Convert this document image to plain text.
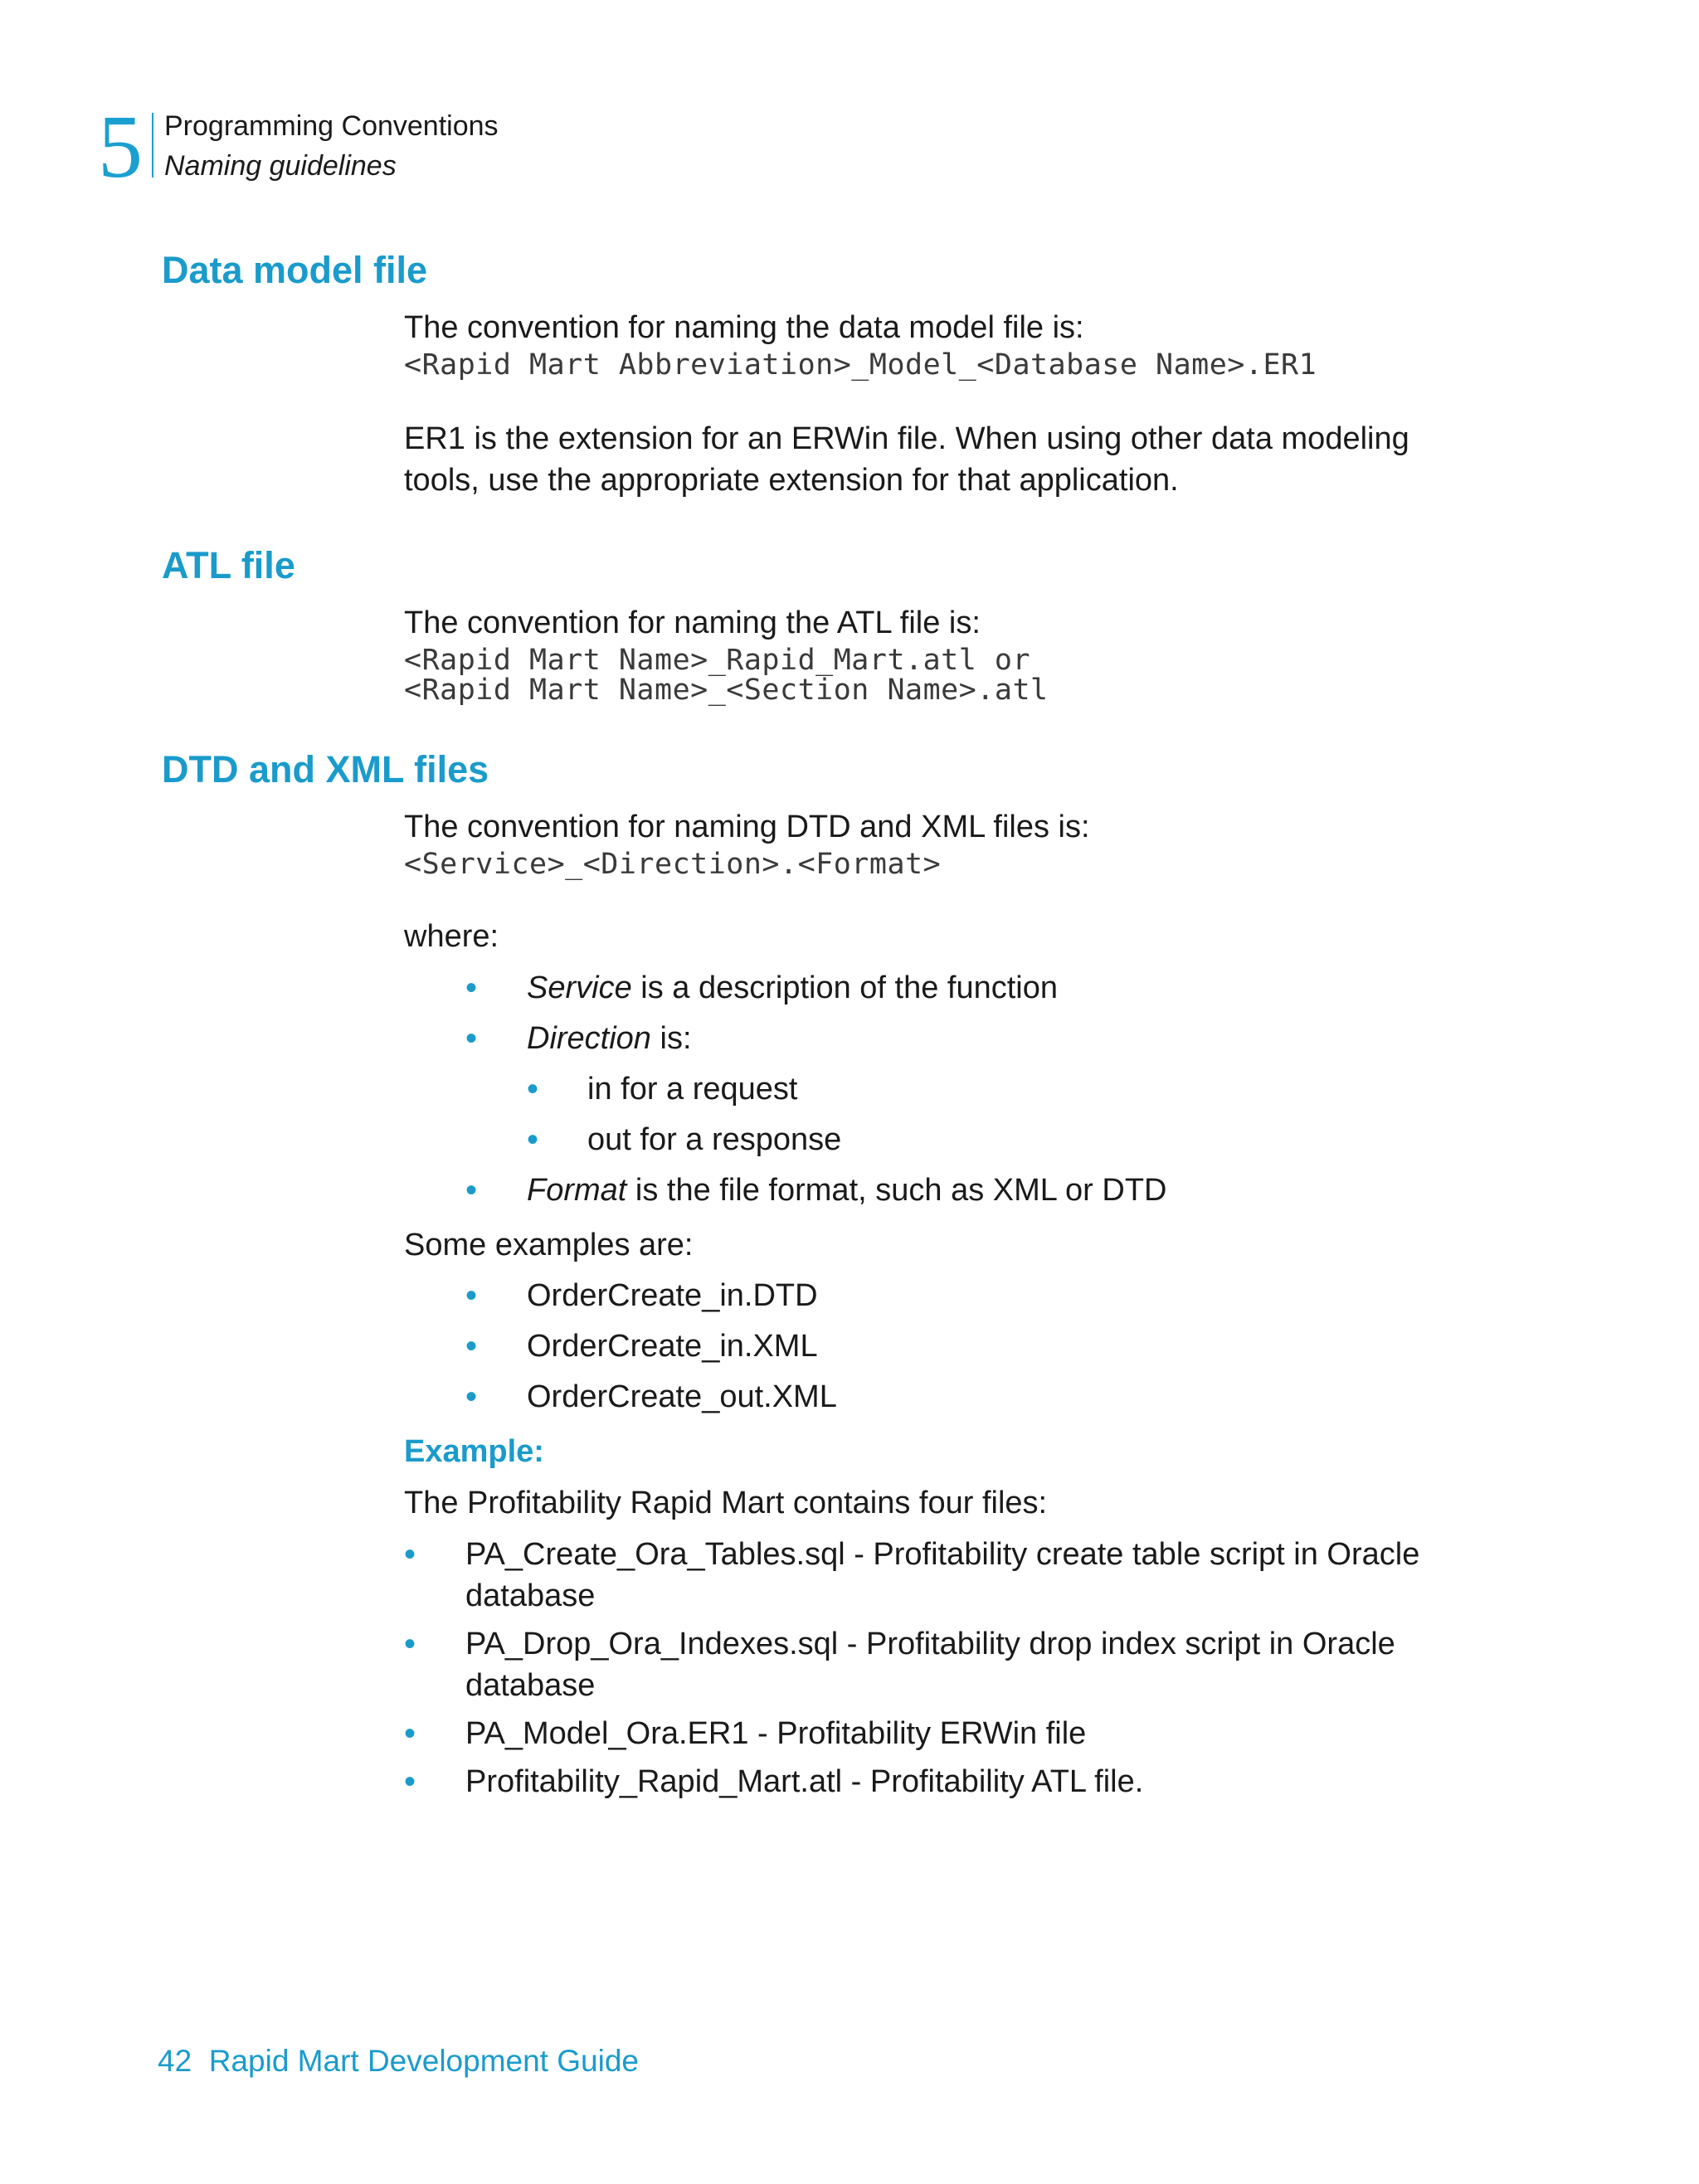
5 Programming Conventions
Naming guidelines
Data model file

The convention for naming the data model file is:

<Rapid Mart Abbreviation>_Model_<Database Name>.ER1

ER1 is the extension for an ERWin file. When using other data modeling tools, use the appropriate extension for that application.

ATL file

The convention for naming the ATL file is:

<Rapid Mart Name>_Rapid_Mart.atl or

<Rapid Mart Name>_<Section Name>.atl

DTD and XML files

The convention for naming DTD and XML files is:

<Service>_<Direction>.<Format>

where:

• Service is a description of the function
• Direction is:
• in for a request
• out for a response
• Format is the file format, such as XML or DTD

Some examples are:

• OrderCreate_in.DTD
• OrderCreate_in.XML
• OrderCreate_out.XML

Example:

The Profitability Rapid Mart contains four files:

• PA_Create_Ora_Tables.sql - Profitability create table script in Oracle database
• PA_Drop_Ora_Indexes.sql - Profitability drop index script in Oracle database
• PA_Model_Ora.ER1 - Profitability ERWin file
• Profitability_Rapid_Mart.atl - Profitability ATL file.
42 Rapid Mart Development Guide
